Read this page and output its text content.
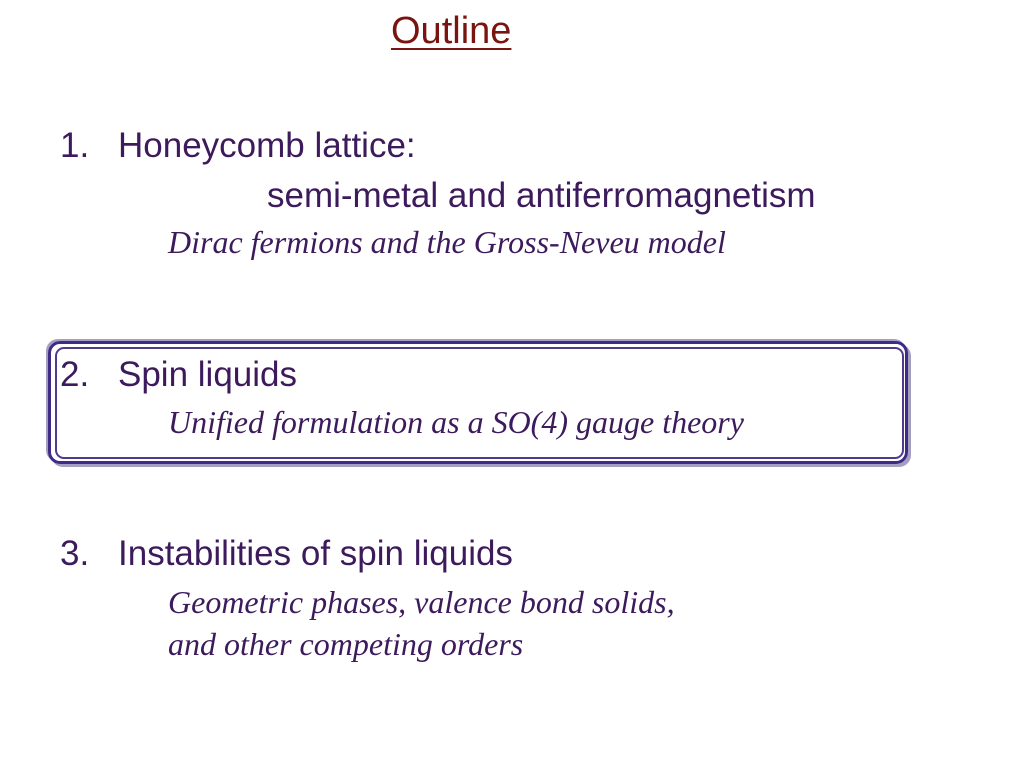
Outline
1. Honeycomb lattice:
semi-metal and antiferromagnetism
Dirac fermions and the Gross-Neveu model
2. Spin liquids
Unified formulation as a SO(4) gauge theory
3. Instabilities of spin liquids
Geometric phases, valence bond solids,
and other competing orders
